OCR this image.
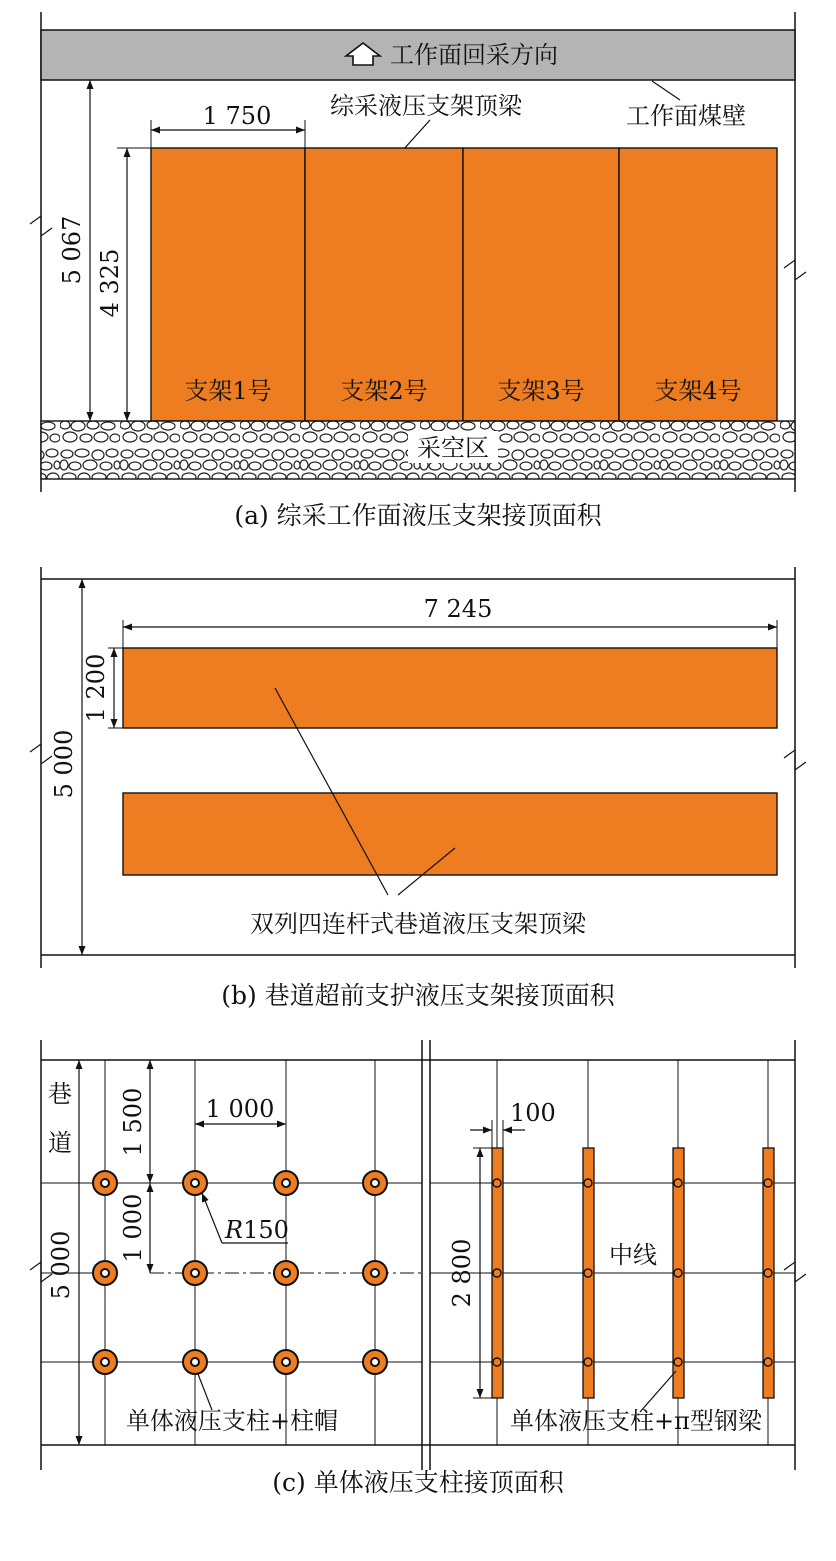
工作面回采方向
工作面煤壁
综采液压支架顶梁
支架1号	支架2号	支架3号	支架4号
1 750
5 067 4 325
采空区
(a) 综采工作面液压支架接顶面积
7 245
1 200
5 000
双列四连杆式巷道液压支架顶梁
(b) 巷道超前支护液压支架接顶面积
巷
道
1 000
1 500
1 000
5 000
R150
单体液压支柱+柱帽
100
2 800	中线
单体液压支柱+π型钢梁
(c) 单体液压支柱接顶面积
